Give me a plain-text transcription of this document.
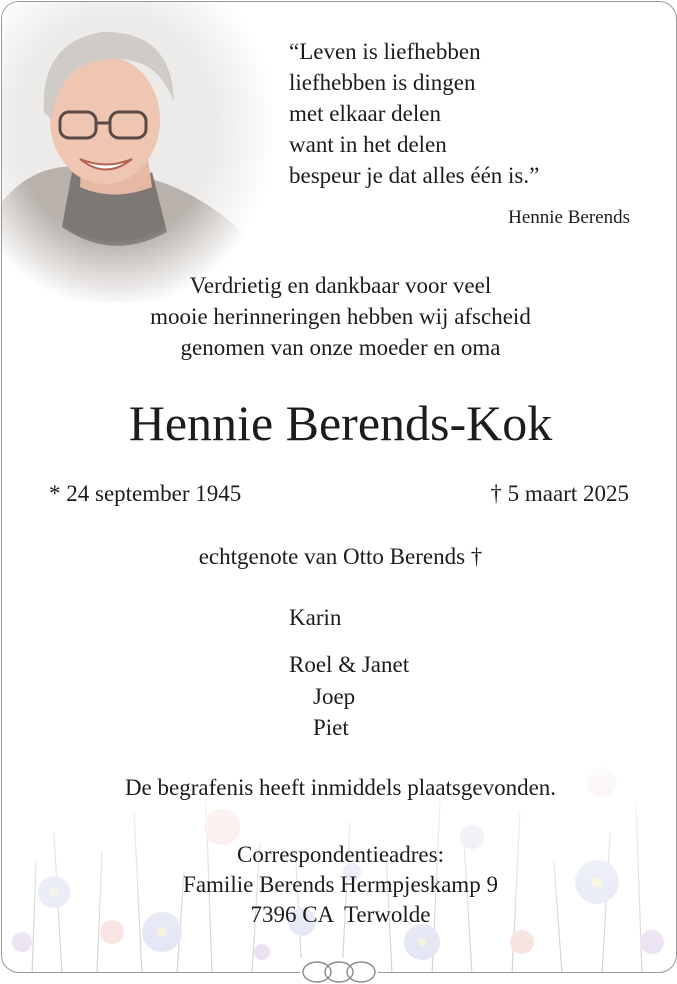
“Leven is liefhebben
liefhebben is dingen
met elkaar delen
want in het delen
bespeur je dat alles één is.”
Hennie Berends
Verdrietig en dankbaar voor veel
mooie herinneringen hebben wij afscheid
genomen van onze moeder en oma
Hennie Berends-Kok
* 24 september 1945	† 5 maart 2025
echtgenote van Otto Berends †
Karin
Roel & Janet
Joep
Piet
De begrafenis heeft inmiddels plaatsgevonden.
Correspondentieadres:
Familie Berends Hermpjeskamp 9
7396 CA  Terwolde
